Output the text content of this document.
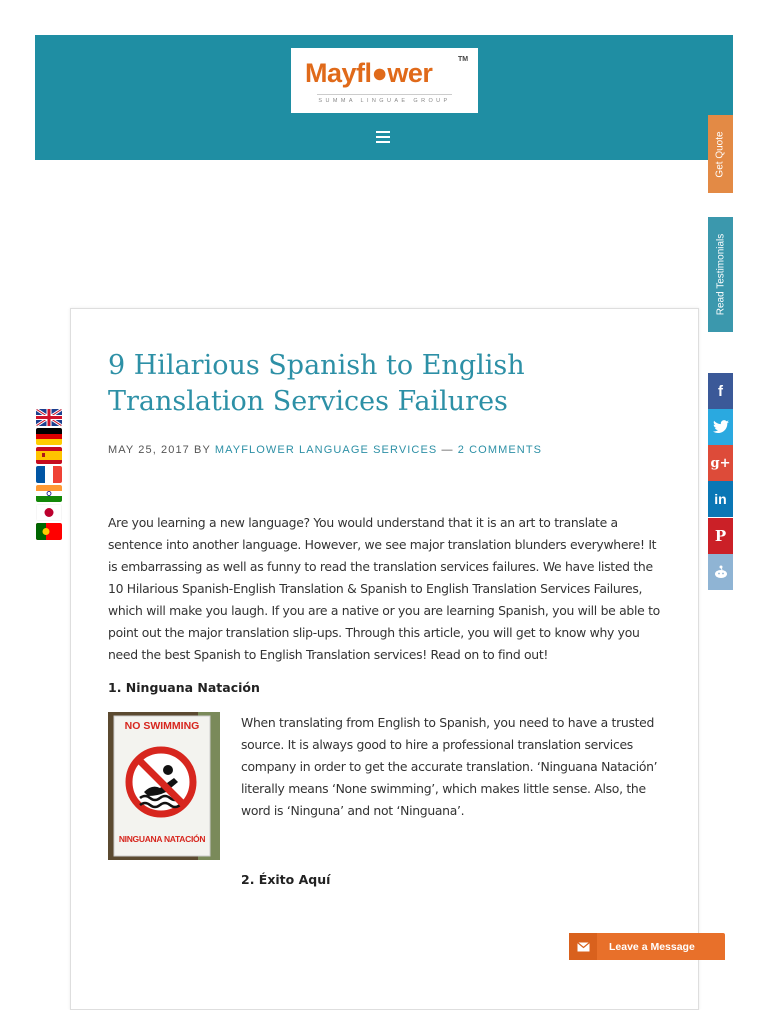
Mayfl●wer	TM
SUMMA LINGUAE GROUP
Get Quote
Read Testimonials
f
g+
in
P
9 Hilarious Spanish to English Translation Services Failures
MAY 25, 2017 BY MAYFLOWER LANGUAGE SERVICES — 2 COMMENTS

Are you learning a new language? You would understand that it is an art to translate a sentence into another language. However, we see major translation blunders everywhere! It is embarrassing as well as funny to read the translation services failures. We have listed the 10 Hilarious Spanish-English Translation & Spanish to English Translation Services Failures, which will make you laugh. If you are a native or you are learning Spanish, you will be able to point out the major translation slip-ups. Through this article, you will get to know why you need the best Spanish to English Translation services! Read on to find out!

1. Ninguana Natación
NO SWIMMING
NINGUANA NATACIÓN

When translating from English to Spanish, you need to have a trusted source. It is always good to hire a professional translation services company in order to get the accurate translation. ‘Ninguana Natación’ literally means ‘None swimming’, which makes little sense. Also, the word is ‘Ninguna’ and not ‘Ninguana’.

2. Éxito Aquí
Leave a Message
